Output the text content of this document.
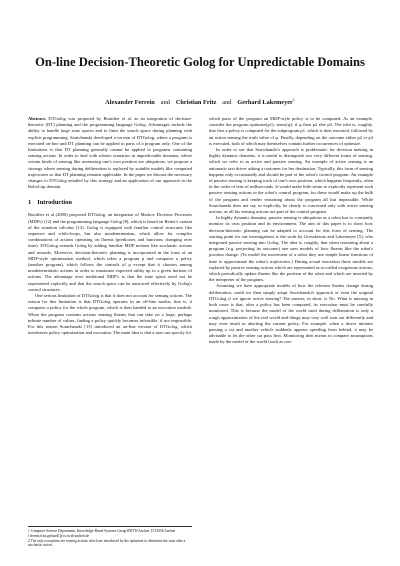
On-line Decision-Theoretic Golog for Unpredictable Domains
Alexander Ferrein and Christian Fritz and Gerhard Lakemeyer$^1$

Abstract. DTGolog was proposed by Boutilier et al. as an integration of decision-theoretic (DT) planning and the programming language Golog. Advantages include the ability to handle large state spaces and to limit the search space during planning with explicit programming. Soutchanski developed a version of DTGolog, where a program is executed on-line and DT planning can be applied to parts of a program only. One of the limitations is that DT planning generally cannot be applied to programs containing sensing actions. In order to deal with robotic scenarios in unpredictable domains, where certain kinds of sensing like measuring one's own position are ubiquitous, we propose a strategy where sensing during deliberation is replaced by suitable models like computed trajectories so that DT planning remains applicable. In the paper we discuss the necessary changes to DTGolog entailed by this strategy and an application of our approach in the RoboCup domain.

1 Introduction

Boutilier et al (2000) proposed DTGolog, an integration of Markov Decision Processes (MDPs) [12] and the programming language Golog [8], which is based on Reiter's variant of the situation calculus [13]. Golog is equipped with familiar control structures like sequence and while-loops, but also nondeterminism, which allow for complex combinations of actions operating on fluents (predicates and functions changing over time). DTGolog extends Golog by adding familiar MDP notions like stochastic actions and rewards. Moreover, decision-theoretic planning is incorporated in the form of an MDP-style optimization method, which takes a program p and computes a policy (another program), which follows the controls of p except that it chooses among nondeterministic actions in order to maximize expected utility up to a given horizon of actions. The advantage over traditional MDP's is that the state space need not be represented explicitly and that the search space can be narrowed effectively by Golog's control structures.

One serious limitation of DTGolog is that it does not account for sensing actions. The reason for this limitation is that DTGolog operates in an off-line modus, that is, it computes a policy for the whole program, which is then handed to an execution module. When the program contains actions sensing fluents that can take on a large, perhaps infinite number of values, finding a policy quickly becomes infeasible, if not impossible. For this reason Soutchanski [15] introduced an on-line version of DTGolog, which interleaves policy optimization and execution. The main idea is that a user can specify for

which parts of the program an MDP-style policy is to be computed. As an example, consider the program optimize(p1); sense(φ); if φ then p2 else p3. The idea is, roughly, that first a policy is computed for the subprogram p1, which is then executed, followed by an action sensing the truth value of φ. Finally, depending on the outcome either p2 or p3 is executed, both of which may themselves contain further occurrences of optimize.

In order to see that Soutchanski's approach is problematic for decision making in highly dynamic domains, it is useful to distinguish two very different forms of sensing, which we refer to as active and passive sensing. An example of active sensing is an automatic taxi driver asking a customer for her destination. Typically, this form of sensing happens only occasionally and should be part of the robot's control program. An example of passive sensing is keeping track of one's own position, which happens frequently, often in the order of tens of milliseconds. It would make little sense to explicitly represent such passive sensing actions in the robot's control program, for these would make up the bulk of the program and render reasoning about the program all but impossible. While Soutchanski does not say so explicitly, he clearly is concerned only with active sensing actions, as all his sensing actions are part of the control program.

In highly dynamic domains, passive sensing is ubiquitous as a robot has to constantly monitor its own position and its environment. The aim of this paper is to show how decision-theoretic planning can be adapted to account for this form of sensing. The starting point for our investigations is the work by Grosskreutz and Lakemeyer [5], who integrated passive sensing into Golog. The idea is, roughly, that when reasoning about a program (e.g. projecting its outcome) one uses models of how fluents like the robot's position change. (To model the movement of a robot they use simple linear functions of time to approximate the robot's trajectories.) During actual execution these models are replaced by passive sensing actions which are represented as so-called exogenous actions, which periodically update fluents like the position of the robot and which are inserted by the interpreter of the program.

Assuming we have appropriate models of how the relevant fluents change during deliberation, could we then simply adopt Soutchanski's approach or even the original DTGolog if we ignore active sensing? The answer, in short, is No. What is missing in both cases is that, after a policy has been computed, its execution must be carefully monitored. This is because the model of the world used during deliberation is only a rough approximation of the real world and things may very well turn out differently and may even result in aborting the current policy. For example, when a driver initiates passing a car and another vehicle suddenly appears speeding from behind, it may be advisable to let the other car pass first. Monitoring then means to compare assumptions made by the model of the world (such as con-

1 Computer Science Department, Knowledge-Based Systems Group RWTH Aachen, D 52056 Aachen {ferrein,fritz,gerhard}@cs.rwth-aachen.de
2 The only exceptions are sensing actions which are introduced by the optimizer to determine the state after a stochastic action.
